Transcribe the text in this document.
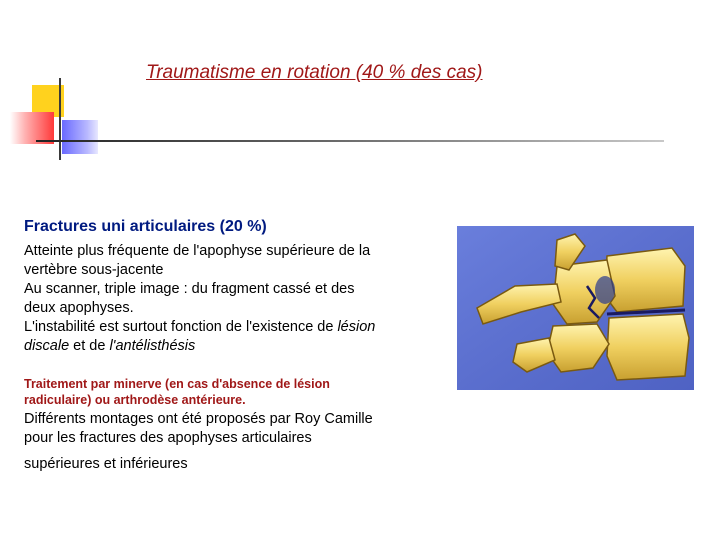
Traumatisme en rotation (40 % des cas)
Fractures uni articulaires (20 %)
Atteinte plus fréquente de l'apophyse supérieure de la
vertèbre sous-jacente
Au scanner, triple image : du fragment cassé et des
deux apophyses.
L'instabilité est surtout fonction de l'existence de lésion
discale et de l'antélisthésis
Traitement par minerve (en cas d'absence de lésion
radiculaire) ou arthrodèse antérieure.
Différents montages ont été proposés par Roy Camille
pour les fractures des apophyses articulaires
supérieures et inférieures
